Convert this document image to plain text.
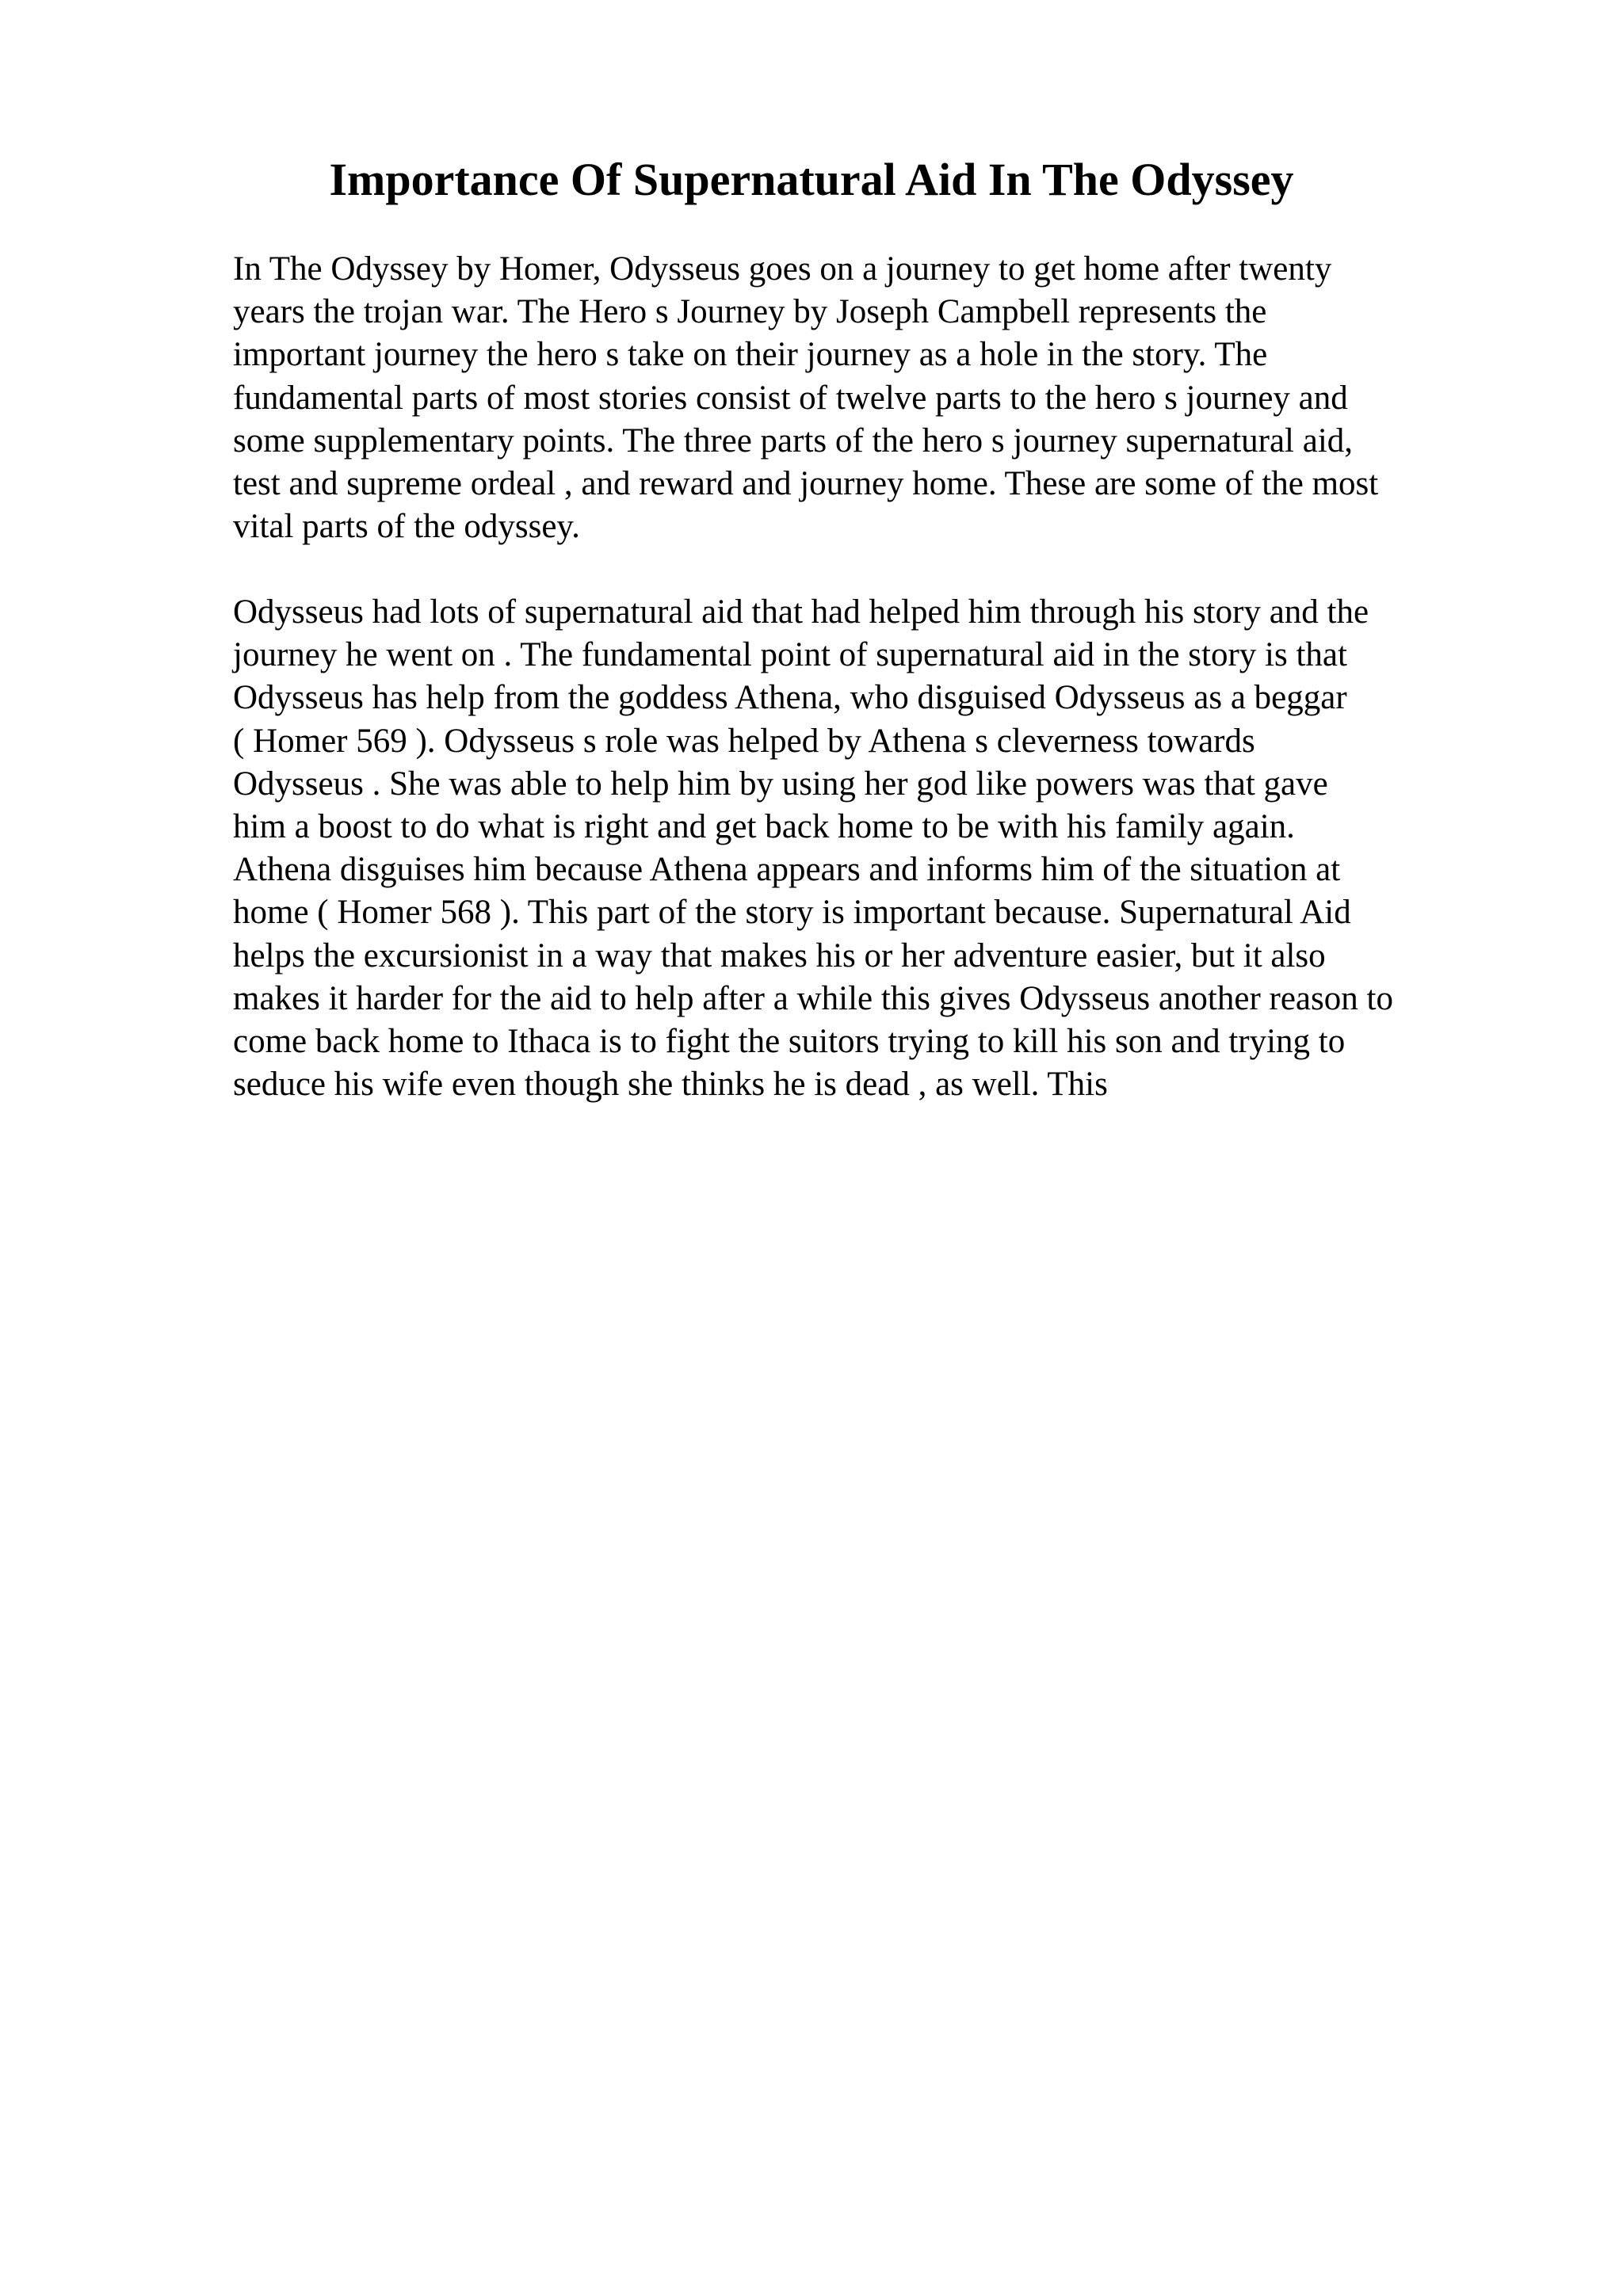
Importance Of Supernatural Aid In The Odyssey
In The Odyssey by Homer, Odysseus goes on a journey to get home after twenty
years the trojan war. The Hero s Journey by Joseph Campbell represents the
important journey the hero s take on their journey as a hole in the story. The
fundamental parts of most stories consist of twelve parts to the hero s journey and
some supplementary points. The three parts of the hero s journey supernatural aid,
test and supreme ordeal , and reward and journey home. These are some of the most
vital parts of the odyssey.
Odysseus had lots of supernatural aid that had helped him through his story and the
journey he went on . The fundamental point of supernatural aid in the story is that
Odysseus has help from the goddess Athena, who disguised Odysseus as a beggar
( Homer 569 ). Odysseus s role was helped by Athena s cleverness towards
Odysseus . She was able to help him by using her god like powers was that gave
him a boost to do what is right and get back home to be with his family again.
Athena disguises him because Athena appears and informs him of the situation at
home ( Homer 568 ). This part of the story is important because. Supernatural Aid
helps the excursionist in a way that makes his or her adventure easier, but it also
makes it harder for the aid to help after a while this gives Odysseus another reason to
come back home to Ithaca is to fight the suitors trying to kill his son and trying to
seduce his wife even though she thinks he is dead , as well. This
